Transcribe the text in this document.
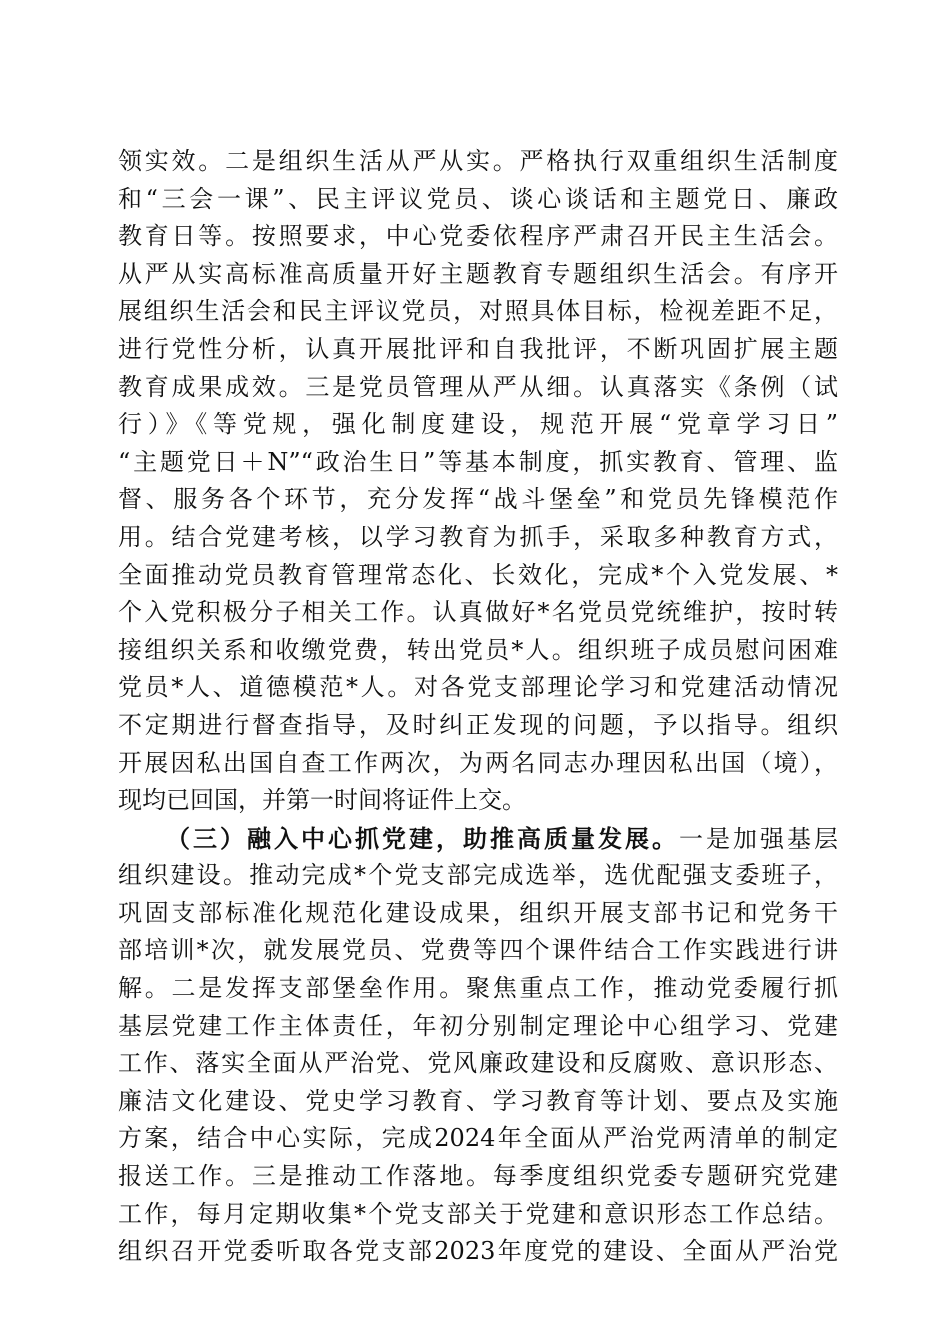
领实效。二是组织生活从严从实。严格执行双重组织生活制度
和“三会一课”、民主评议党员、谈心谈话和主题党日、廉政
教育日等。按照要求，中心党委依程序严肃召开民主生活会。
从严从实高标准高质量开好主题教育专题组织生活会。有序开
展组织生活会和民主评议党员，对照具体目标，检视差距不足，
进行党性分析，认真开展批评和自我批评，不断巩固扩展主题
教育成果成效。三是党员管理从严从细。认真落实《条例（试
行）》《等党规，强化制度建设，规范开展“党章学习日”
“主题党日＋N”“政治生日”等基本制度，抓实教育、管理、监
督、服务各个环节，充分发挥“战斗堡垒”和党员先锋模范作
用。结合党建考核，以学习教育为抓手，采取多种教育方式，
全面推动党员教育管理常态化、长效化，完成*个入党发展、*
个入党积极分子相关工作。认真做好*名党员党统维护，按时转
接组织关系和收缴党费，转出党员*人。组织班子成员慰问困难
党员*人、道德模范*人。对各党支部理论学习和党建活动情况
不定期进行督查指导，及时纠正发现的问题，予以指导。组织
开展因私出国自查工作两次，为两名同志办理因私出国（境），
现均已回国，并第一时间将证件上交。
（三）融入中心抓党建，助推高质量发展。一是加强基层
组织建设。推动完成*个党支部完成选举，选优配强支委班子，
巩固支部标准化规范化建设成果，组织开展支部书记和党务干
部培训*次，就发展党员、党费等四个课件结合工作实践进行讲
解。二是发挥支部堡垒作用。聚焦重点工作，推动党委履行抓
基层党建工作主体责任，年初分别制定理论中心组学习、党建
工作、落实全面从严治党、党风廉政建设和反腐败、意识形态、
廉洁文化建设、党史学习教育、学习教育等计划、要点及实施
方案，结合中心实际，完成2024年全面从严治党两清单的制定
报送工作。三是推动工作落地。每季度组织党委专题研究党建
工作，每月定期收集*个党支部关于党建和意识形态工作总结。
组织召开党委听取各党支部2023年度党的建设、全面从严治党
